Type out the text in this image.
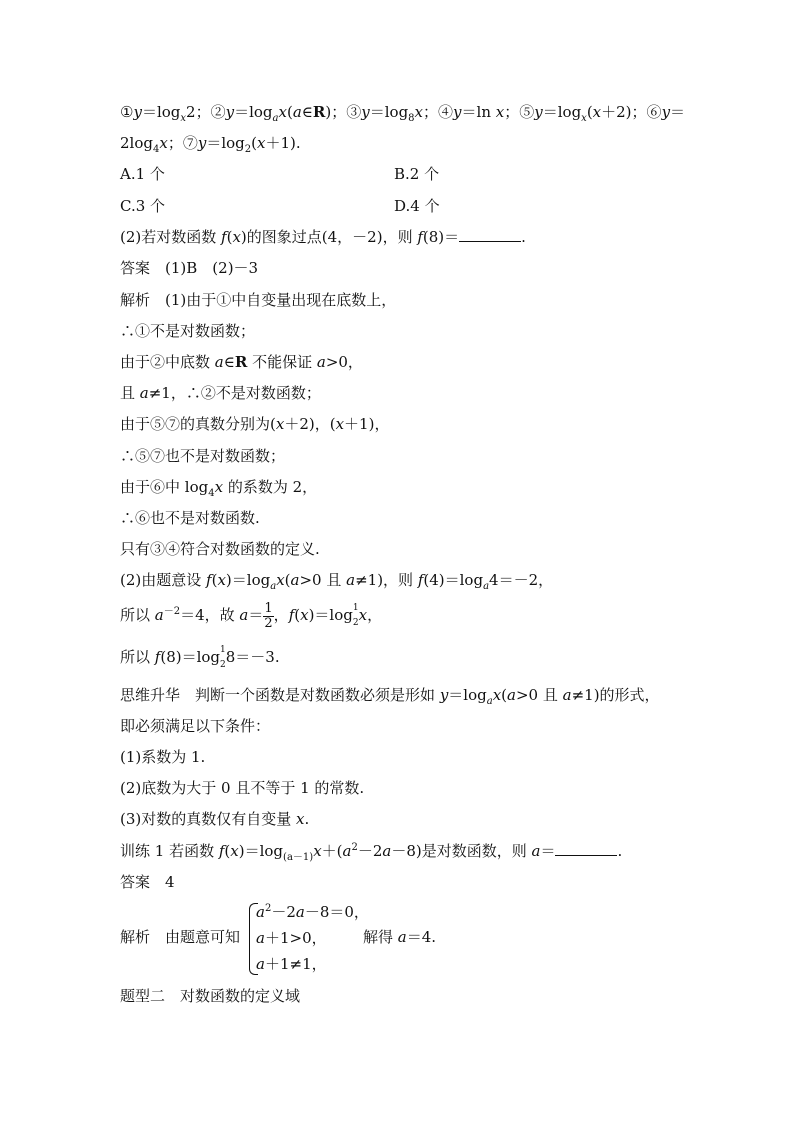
$①y=\log_x2$；$②y=\log_ax(a\in R)$；$③y=\log_8x$；④y＝ln x；$⑤y=\log_x(x+2)$；⑥y＝
$2\log_4x$；$⑦y=\log_2(x+1)$.
A.1 个	B.2 个
C.3 个	D.4 个
(2)若对数函数 f(x)的图象过点(4，－2)，则 f(8)＝	.
答案　 (1)B　(2)－3
解析　 (1)由于①中自变量出现在底数上，
∴①不是对数函数；
由于②中底数 a∈R 不能保证 a>0，
且 a≠1，∴②不是对数函数；
由于⑤⑦的真数分别为(x＋2)，(x＋1)，
∴⑤⑦也不是对数函数；
由于⑥中 $\log_4x$ 的系数为 2，
∴⑥也不是对数函数.
只有③④符合对数函数的定义.
(2)由题意设 $f(x)=\log_ax(a>0$ 且 a≠1)，则 $f(4)=\log_a4=-2$，
所以 $a^{-2}=4$，故 $a= \frac{1}{2}$ ，f(x)＝log 1
2 x，
所以 f(8)＝log 1
2 8＝－3.
思维升华　 判断一个函数是对数函数必须是形如 $y=\log_ax(a>0$ 且 a≠1)的形式，
即必须满足以下条件：
(1)系数为 1.
(2)底数为大于 0 且不等于 1 的常数.
(3)对数的真数仅有自变量 x.
训练 1 若函数 $f(x)=\log_{(a-1)}x+(a^2-2a-8)$是对数函数，则 a＝	.
答案　 4
解析　 由题意可知
$a^2-2a-8=0$，
a＋1>0，
a＋1≠1，
解得 a＝4.
题型二　 对数函数的定义域
